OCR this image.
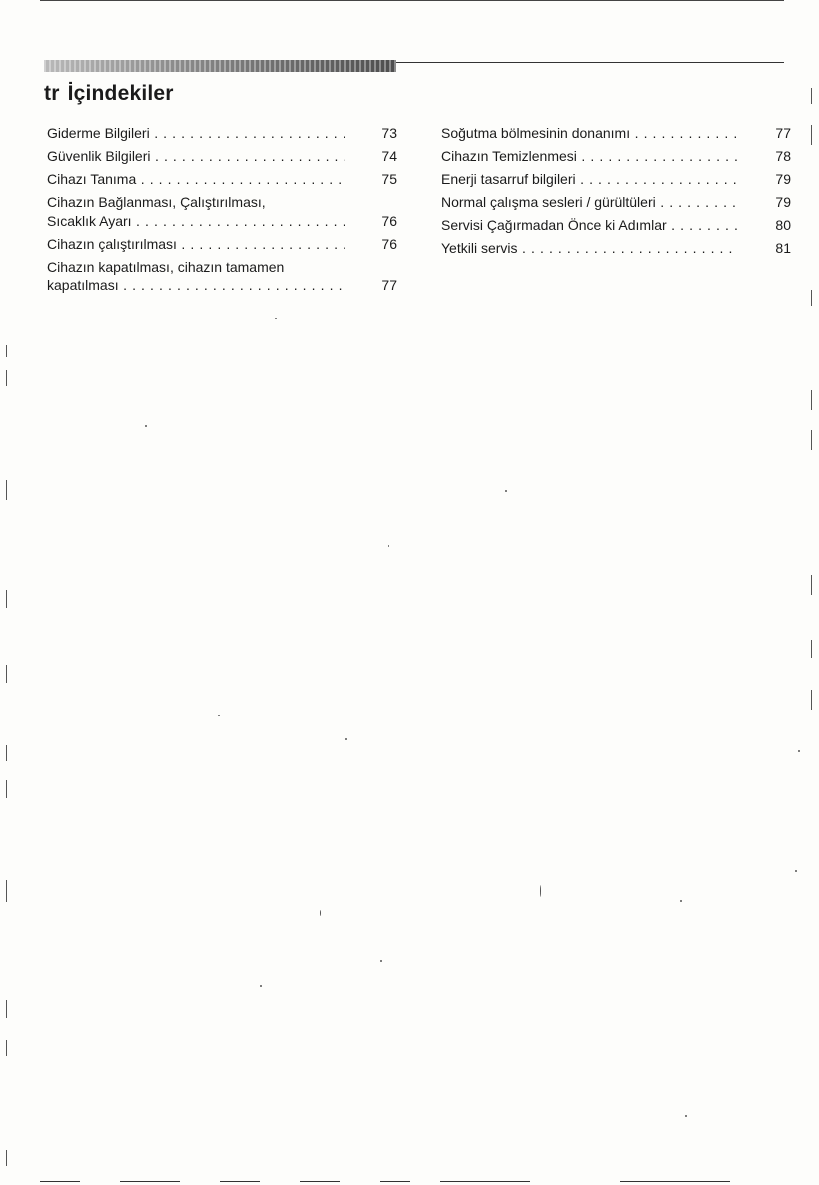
tr İçindekiler
Giderme Bilgileri . . .	73
Güvenlik Bilgileri . . .	74
Cihazı Tanıma . . .	75
Cihazın Bağlanması, Çalıştırılması,
Sıcaklık Ayarı . . .	76
Cihazın çalıştırılması . . .	76
Cihazın kapatılması, cihazın tamamen
kapatılması . . .	77
Soğutma bölmesinin donanımı . . .	77
Cihazın Temizlenmesi . . .	78
Enerji tasarruf bilgileri . . .	79
Normal çalışma sesleri / gürültüleri . . .	79
Servisi Çağırmadan Önce ki Adımlar . . .	80
Yetkili servis . . .	81
